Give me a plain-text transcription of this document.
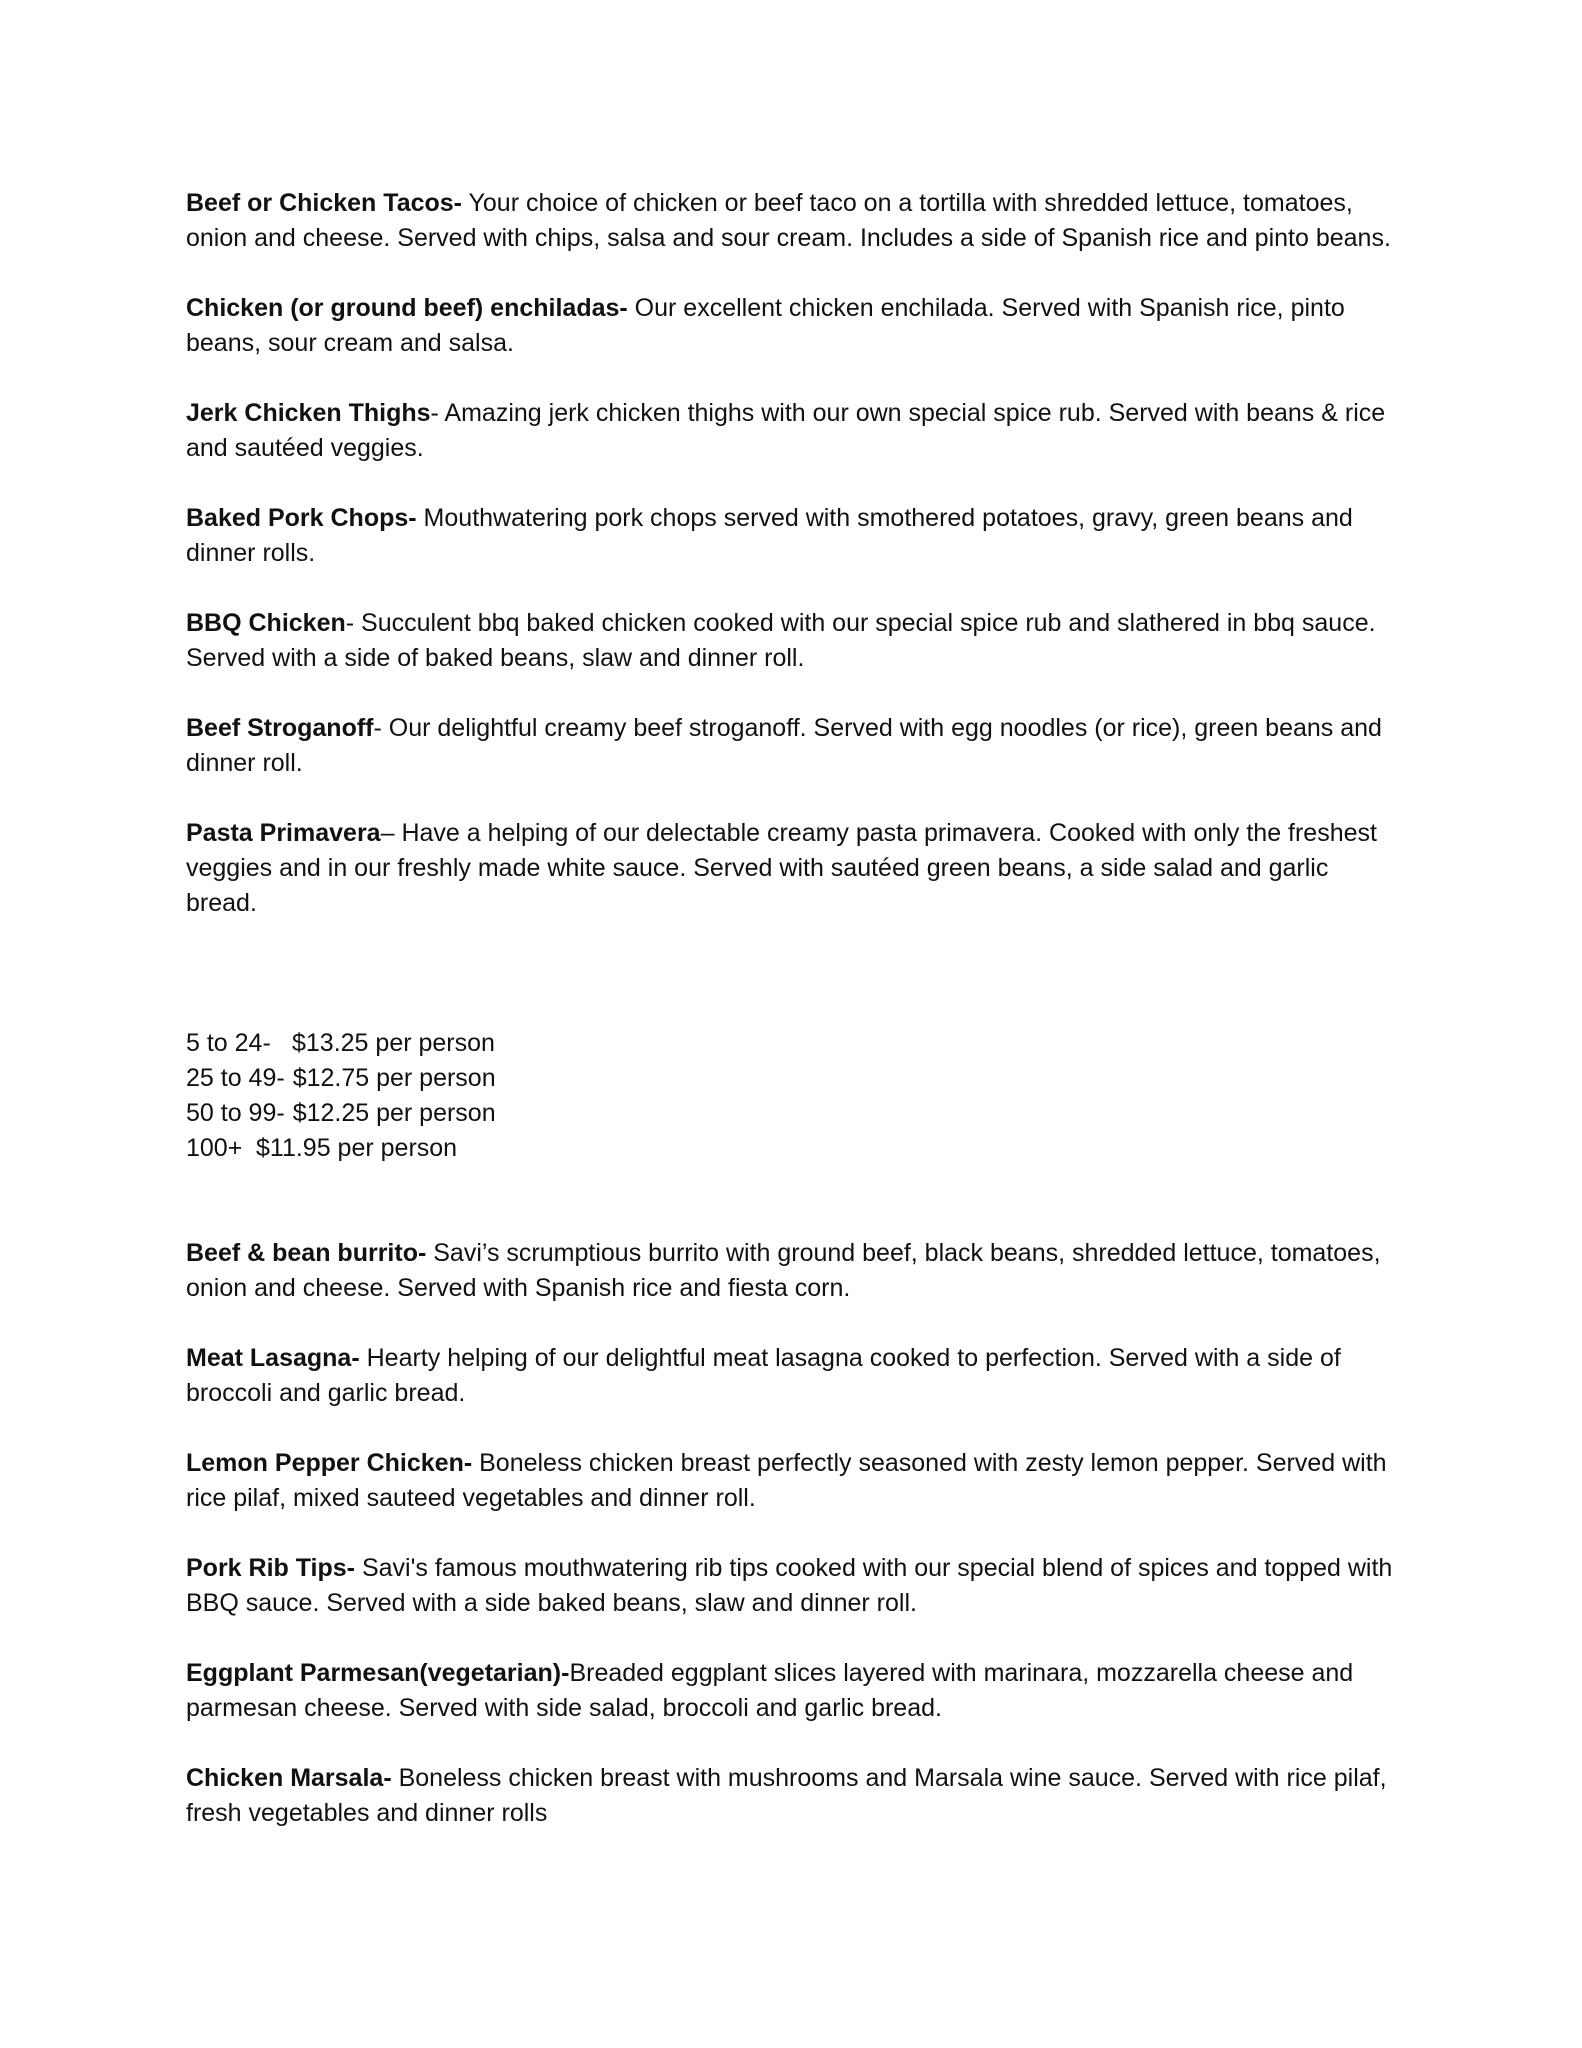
Beef or Chicken Tacos- Your choice of chicken or beef taco on a tortilla with shredded lettuce, tomatoes, onion and cheese. Served with chips, salsa and sour cream. Includes a side of Spanish rice and pinto beans.

Chicken (or ground beef) enchiladas- Our excellent chicken enchilada. Served with Spanish rice, pinto beans, sour cream and salsa.

Jerk Chicken Thighs- Amazing jerk chicken thighs with our own special spice rub. Served with beans & rice and sautéed veggies.

Baked Pork Chops- Mouthwatering pork chops served with smothered potatoes, gravy, green beans and dinner rolls.

BBQ Chicken- Succulent bbq baked chicken cooked with our special spice rub and slathered in bbq sauce. Served with a side of baked beans, slaw and dinner roll.

Beef Stroganoff- Our delightful creamy beef stroganoff. Served with egg noodles (or rice), green beans and dinner roll.

Pasta Primavera– Have a helping of our delectable creamy pasta primavera. Cooked with only the freshest veggies and in our freshly made white sauce. Served with sautéed green beans, a side salad and garlic bread.

5 to 24- $13.25 per person
25 to 49- $12.75 per person
50 to 99- $12.25 per person
100+ $11.95 per person

Beef & bean burrito- Savi’s scrumptious burrito with ground beef, black beans, shredded lettuce, tomatoes, onion and cheese. Served with Spanish rice and fiesta corn.

Meat Lasagna- Hearty helping of our delightful meat lasagna cooked to perfection. Served with a side of broccoli and garlic bread.

Lemon Pepper Chicken- Boneless chicken breast perfectly seasoned with zesty lemon pepper. Served with rice pilaf, mixed sauteed vegetables and dinner roll.

Pork Rib Tips- Savi's famous mouthwatering rib tips cooked with our special blend of spices and topped with BBQ sauce. Served with a side baked beans, slaw and dinner roll.

Eggplant Parmesan(vegetarian)-Breaded eggplant slices layered with marinara, mozzarella cheese and parmesan cheese. Served with side salad, broccoli and garlic bread.

Chicken Marsala- Boneless chicken breast with mushrooms and Marsala wine sauce. Served with rice pilaf, fresh vegetables and dinner rolls
